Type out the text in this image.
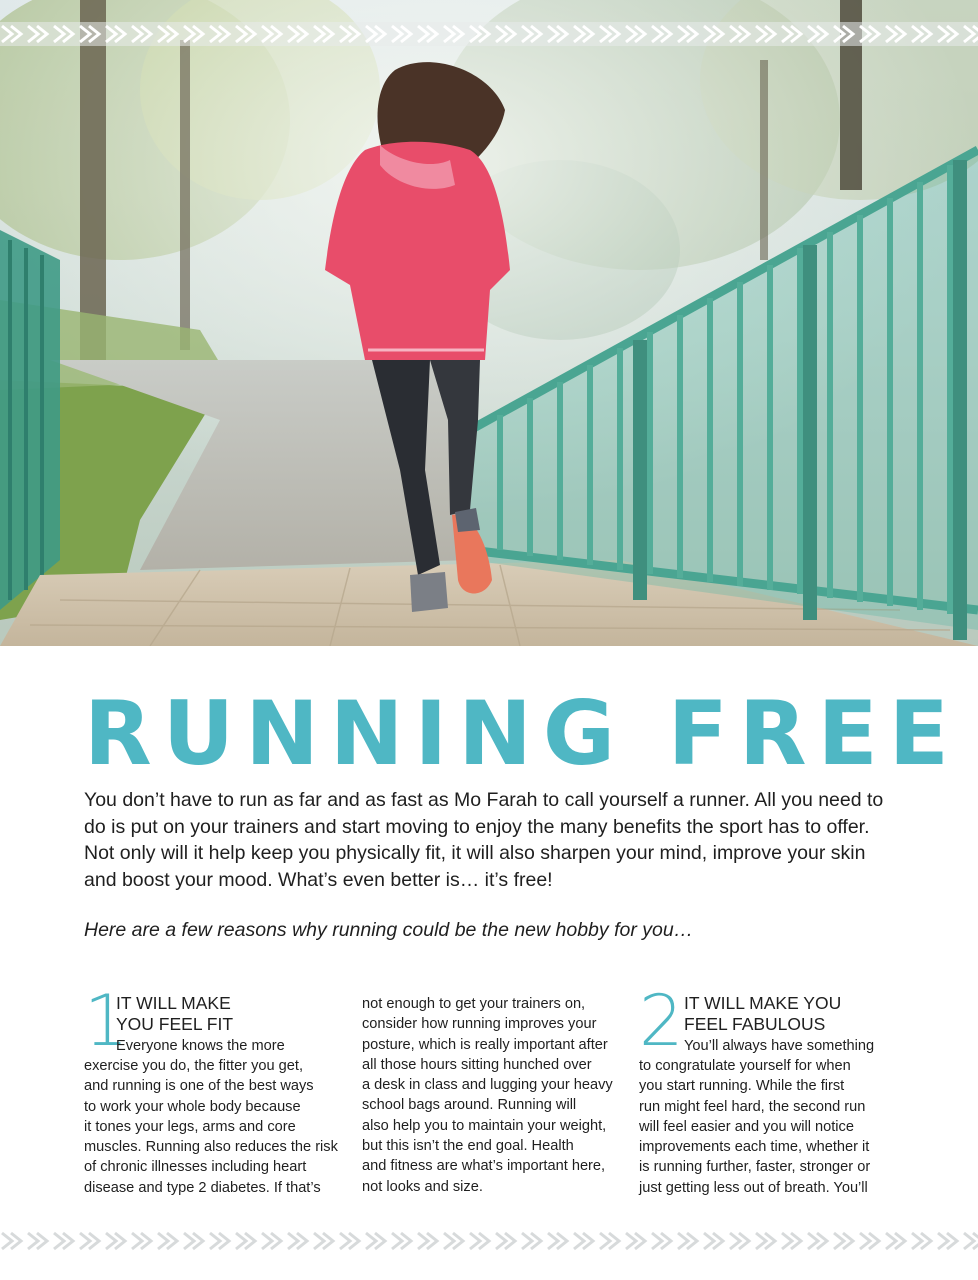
RUNNING FREE

You don’t have to run as far and as fast as Mo Farah to call yourself a runner. All you need to do is put on your trainers and start moving to enjoy the many benefits the sport has to offer. Not only will it help keep you physically fit, it will also sharpen your mind, improve your skin and boost your mood. What’s even better is… it’s free!

Here are a few reasons why running could be the new hobby for you…

1
IT WILL MAKE
YOU FEEL FIT
Everyone knows the more

exercise you do, the fitter you get,
and running is one of the best ways
to work your whole body because
it tones your legs, arms and core
muscles. Running also reduces the risk
of chronic illnesses including heart
disease and type 2 diabetes. If that’s

not enough to get your trainers on,
consider how running improves your
posture, which is really important after
all those hours sitting hunched over
a desk in class and lugging your heavy
school bags around. Running will
also help you to maintain your weight,
but this isn’t the end goal. Health
and fitness are what’s important here,
not looks and size.

2 IT WILL MAKE YOU
FEEL FABULOUS
You’ll always have something

to congratulate yourself for when
you start running. While the first
run might feel hard, the second run
will feel easier and you will notice
improvements each time, whether it
is running further, faster, stronger or
just getting less out of breath. You’ll
